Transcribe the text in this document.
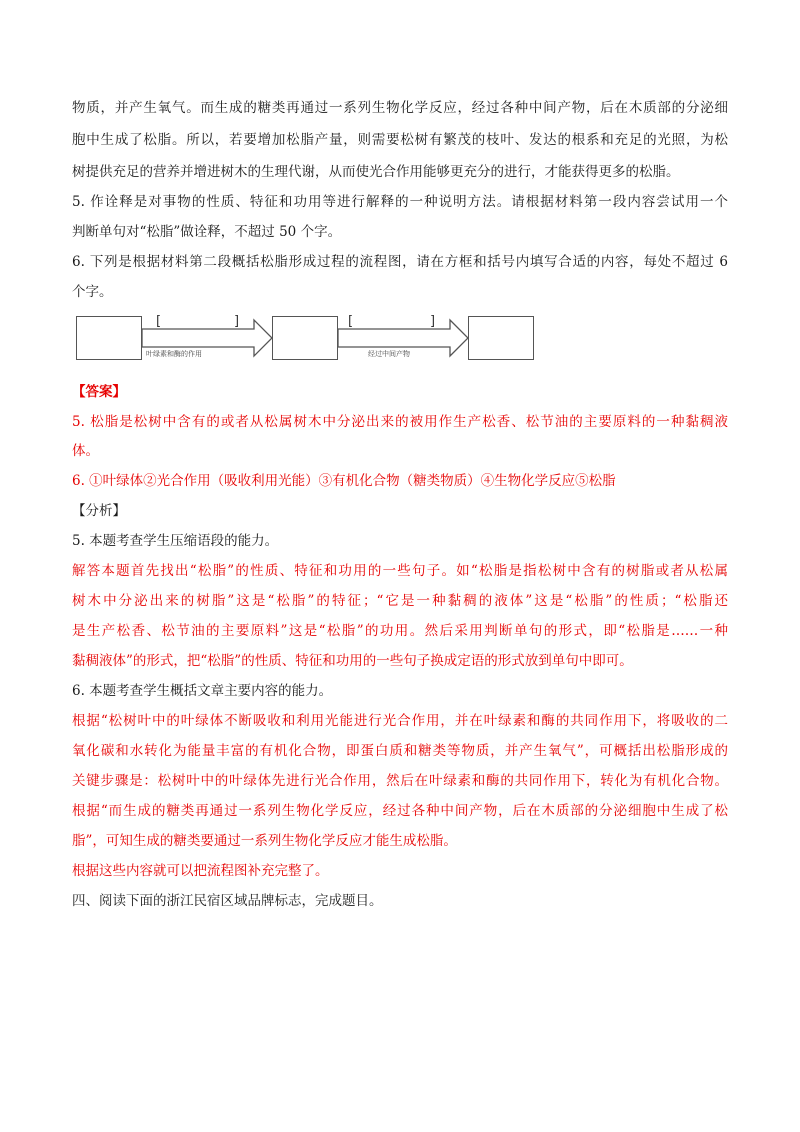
物质，并产生氧气。而生成的糖类再通过一系列生物化学反应，经过各种中间产物，后在木质部的分泌细
胞中生成了松脂。所以，若要增加松脂产量，则需要松树有繁茂的枝叶、发达的根系和充足的光照，为松
树提供充足的营养并增进树木的生理代谢，从而使光合作用能够更充分的进行，才能获得更多的松脂。
5. 作诠释是对事物的性质、特征和功用等进行解释的一种说明方法。请根据材料第一段内容尝试用一个
判断单句对“松脂”做诠释，不超过 50 个字。
6. 下列是根据材料第二段概括松脂形成过程的流程图，请在方框和括号内填写合适的内容，每处不超过 6
个字。
[	]
叶绿素和酶的作用
[	]
经过中间产物
【答案】
5. 松脂是松树中含有的或者从松属树木中分泌出来的被用作生产松香、松节油的主要原料的一种黏稠液
体。
6. ①叶绿体②光合作用（吸收利用光能）③有机化合物（糖类物质）④生物化学反应⑤松脂
【分析】
5. 本题考查学生压缩语段的能力。
解答本题首先找出“松脂”的性质、特征和功用的一些句子。如“松脂是指松树中含有的树脂或者从松属
树木中分泌出来的树脂”这是“松脂”的特征；“它是一种黏稠的液体”这是“松脂”的性质；“松脂还
是生产松香、松节油的主要原料”这是“松脂”的功用。然后采用判断单句的形式，即“松脂是……一种
黏稠液体”的形式，把“松脂”的性质、特征和功用的一些句子换成定语的形式放到单句中即可。
6. 本题考查学生概括文章主要内容的能力。
根据“松树叶中的叶绿体不断吸收和利用光能进行光合作用，并在叶绿素和酶的共同作用下，将吸收的二
氧化碳和水转化为能量丰富的有机化合物，即蛋白质和糖类等物质，并产生氧气”，可概括出松脂形成的
关键步骤是：松树叶中的叶绿体先进行光合作用，然后在叶绿素和酶的共同作用下，转化为有机化合物。
根据“而生成的糖类再通过一系列生物化学反应，经过各种中间产物，后在木质部的分泌细胞中生成了松
脂”，可知生成的糖类要通过一系列生物化学反应才能生成松脂。
根据这些内容就可以把流程图补充完整了。
四、阅读下面的浙江民宿区域品牌标志，完成题目。
